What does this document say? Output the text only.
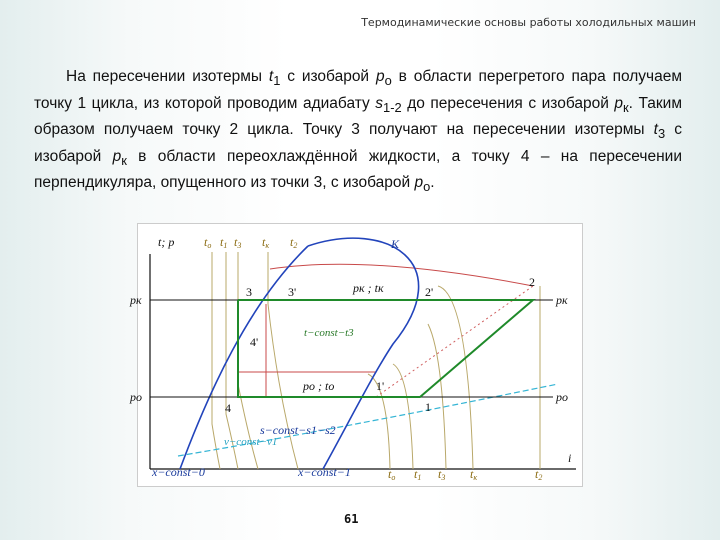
Термодинамические основы работы холодильных машин

На пересечении изотермы $t_1$ с изобарой $p_o$ в области перегретого пара получаем точку 1 цикла, из которой проводим адиабату $s_{1-2}$ до пересечения с изобарой $p_к$. Таким образом получаем точку 2 цикла. Точку 3 получают на пересечении изотермы $t_3$ с изобарой $p_к$ в области переохлаждённой жидкости, а точку 4 – на пересечении перпендикуляра, опущенного из точки 3, с изобарой $p_o$.

t; p tо t1 t3 tк t2	К
pк	pк
pо	pо
3	3'	2'
2
4'
4
1'
1
pк ; tк
pо ; tо
t−const−t3
s−const−s1−s2
v−const−v1
x−const−0	x−const−1
i
tо t1 t3 tк	t2
61
